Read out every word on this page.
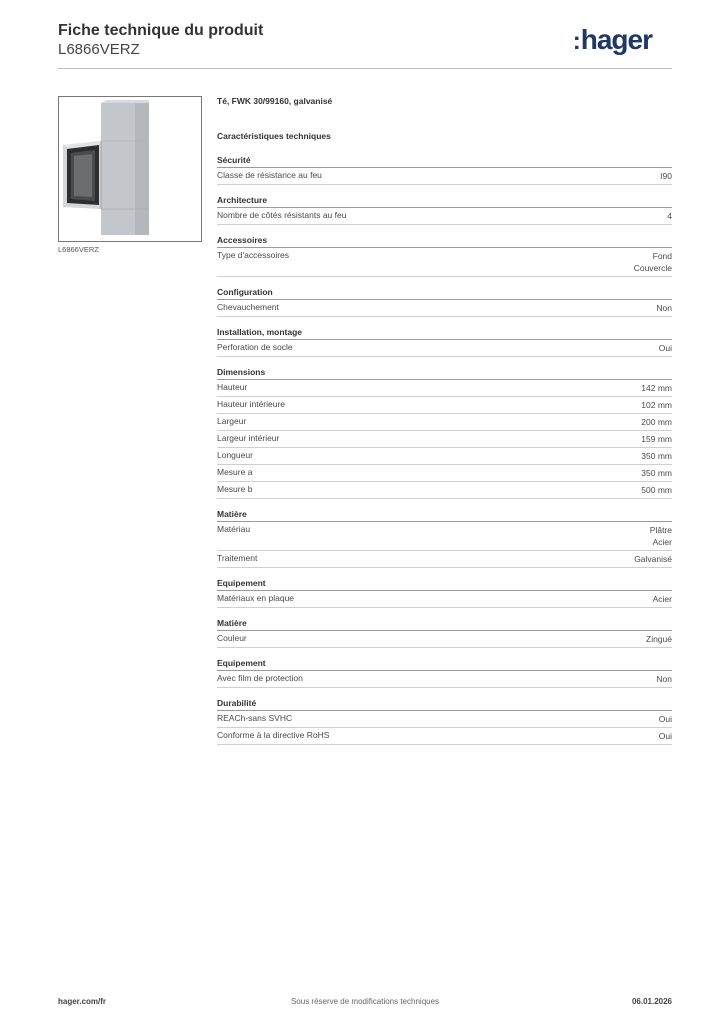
Fiche technique du produit
L6866VERZ	:hager
L6866VERZ
Té, FWK 30/99160, galvanisé
Caractéristiques techniques
Sécurité
Classe de résistance au feu	I90
Architecture
Nombre de côtés résistants au feu	4
Accessoires
Type d'accessoires	Fond
Couvercle
Configuration
Chevauchement	Non
Installation, montage
Perforation de socle	Oui
Dimensions
Hauteur	142 mm
Hauteur intérieure	102 mm
Largeur	200 mm
Largeur intérieur	159 mm
Longueur	350 mm
Mesure a	350 mm
Mesure b	500 mm
Matière
Matériau	Plâtre
Acier
Traitement	Galvanisé
Equipement
Matériaux en plaque	Acier
Matière
Couleur	Zingué
Equipement
Avec film de protection	Non
Durabilité
REACh-sans SVHC	Oui
Conforme à la directive RoHS	Oui
hager.com/fr	Sous réserve de modifications techniques	06.01.2026
